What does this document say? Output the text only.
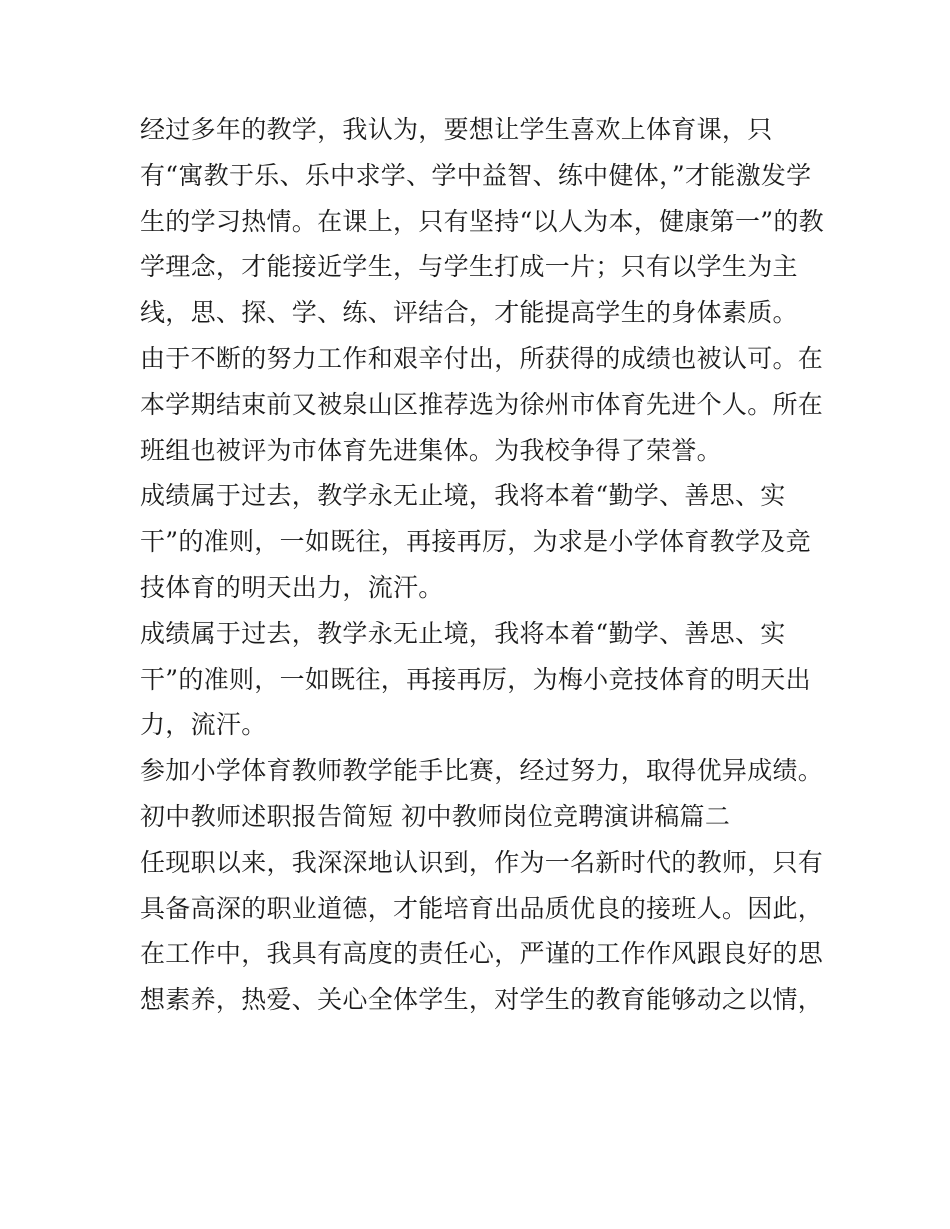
经过多年的教学，我认为，要想让学生喜欢上体育课，只
有“寓教于乐、乐中求学、学中益智、练中健体，”才能激发学
生的学习热情。在课上，只有坚持“以人为本，健康第一”的教
学理念，才能接近学生，与学生打成一片；只有以学生为主
线，思、探、学、练、评结合，才能提高学生的身体素质。
由于不断的努力工作和艰辛付出，所获得的成绩也被认可。在
本学期结束前又被泉山区推荐选为徐州市体育先进个人。所在
班组也被评为市体育先进集体。为我校争得了荣誉。
成绩属于过去，教学永无止境，我将本着“勤学、善思、实
干”的准则，一如既往，再接再厉，为求是小学体育教学及竞
技体育的明天出力，流汗。
成绩属于过去，教学永无止境，我将本着“勤学、善思、实
干”的准则，一如既往，再接再厉，为梅小竞技体育的明天出
力，流汗。
参加小学体育教师教学能手比赛，经过努力，取得优异成绩。
初中教师述职报告简短 初中教师岗位竞聘演讲稿篇二
任现职以来，我深深地认识到，作为一名新时代的教师，只有
具备高深的职业道德，才能培育出品质优良的接班人。因此，
在工作中，我具有高度的责任心，严谨的工作作风跟良好的思
想素养，热爱、关心全体学生，对学生的教育能够动之以情，
